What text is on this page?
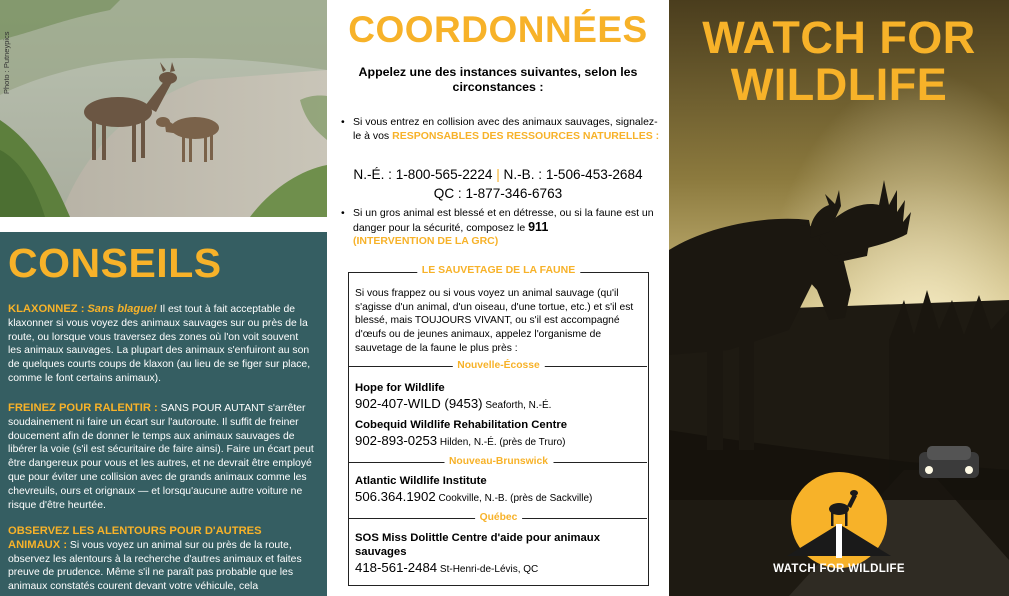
Photo : Putneypics
CONSEILS

KLAXONNEZ : Sans blague! Il est tout à fait acceptable de klaxonner si vous voyez des animaux sauvages sur ou près de la route, ou lorsque vous traversez des zones où l'on voit souvent les animaux sauvages. La plupart des animaux s'enfuiront au son de quelques courts coups de klaxon (au lieu de se figer sur place, comme le font certains animaux).

FREINEZ POUR RALENTIR : SANS POUR AUTANT s'arrêter soudainement ni faire un écart sur l'autoroute. Il suffit de freiner doucement afin de donner le temps aux animaux sauvages de libérer la voie (s'il est sécuritaire de faire ainsi). Faire un écart peut être dangereux pour vous et les autres, et ne devrait être employé que pour éviter une collision avec de grands animaux comme les chevreuils, ours et orignaux — et lorsqu'aucune autre voiture ne risque d'être heurtée.

OBSERVEZ LES ALENTOURS POUR D'AUTRES ANIMAUX : Si vous voyez un animal sur ou près de la route, observez les alentours à la recherche d'autres animaux et faites preuve de prudence. Même s'il ne paraît pas probable que les animaux constatés courent devant votre véhicule, cela

COORDONNÉES
Appelez une des instances suivantes, selon les circonstances :
• Si vous entrez en collision avec des animaux sauvages, signalez-le à vos RESPONSABLES DES RESSOURCES NATURELLES :
N.-É. : 1-800-565-2224 | N.-B. : 1-506-453-2684
QC : 1-877-346-6763
• Si un gros animal est blessé et en détresse, ou si la faune est un danger pour la sécurité, composez le 911
(INTERVENTION DE LA GRC)
LE SAUVETAGE DE LA FAUNE
Si vous frappez ou si vous voyez un animal sauvage (qu'il s'agisse d'un animal, d'un oiseau, d'une tortue, etc.) et s'il est blessé, mais TOUJOURS VIVANT, ou s'il est accompagné d'œufs ou de jeunes animaux, appelez l'organisme de sauvetage de la faune le plus près :
Nouvelle-Écosse
Hope for Wildlife
902-407-WILD (9453) Seaforth, N.-É.
Cobequid Wildlife Rehabilitation Centre
902-893-0253 Hilden, N.-É. (près de Truro)
Nouveau-Brunswick
Atlantic Wildlife Institute
506.364.1902 Cookville, N.-B. (près de Sackville)
Québec
SOS Miss Dolittle Centre d'aide pour animaux sauvages
418-561-2484 St-Henri-de-Lévis, QC
WATCH FOR
WILDLIFE
WATCH FOR WILDLIFE
